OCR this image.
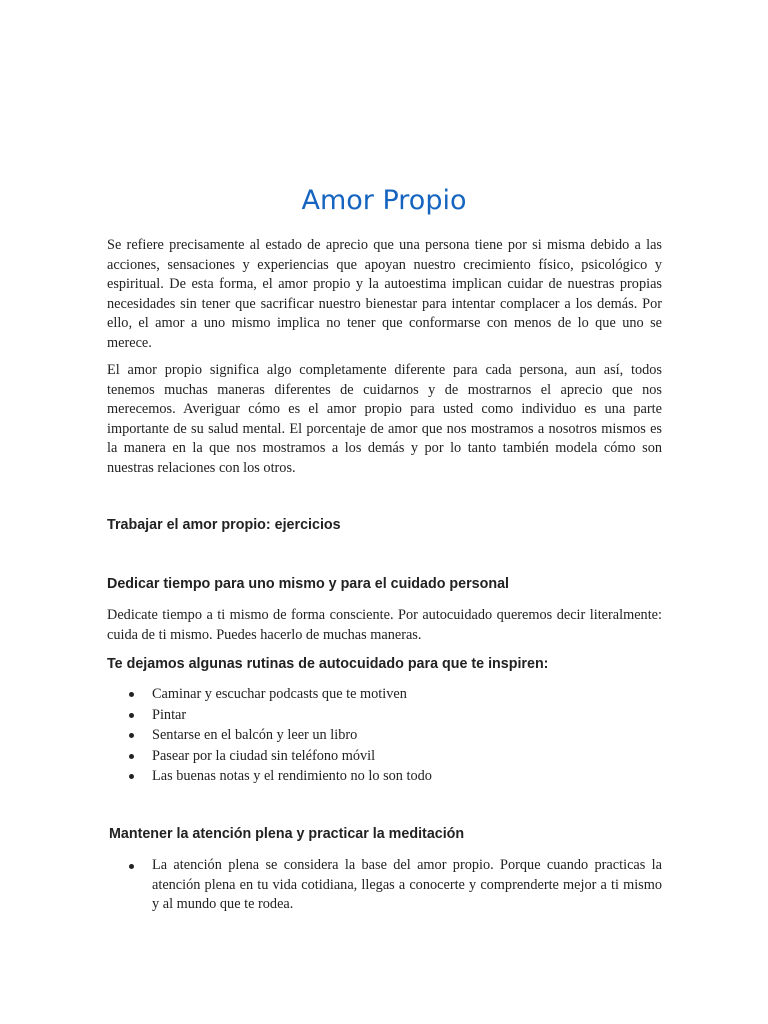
Amor Propio

Se refiere precisamente al estado de aprecio que una persona tiene por si misma debido a las acciones, sensaciones y experiencias que apoyan nuestro crecimiento físico, psicológico y espiritual. De esta forma, el amor propio y la autoestima implican cuidar de nuestras propias necesidades sin tener que sacrificar nuestro bienestar para intentar complacer a los demás. Por ello, el amor a uno mismo implica no tener que conformarse con menos de lo que uno se merece.

El amor propio significa algo completamente diferente para cada persona, aun así, todos tenemos muchas maneras diferentes de cuidarnos y de mostrarnos el aprecio que nos merecemos. Averiguar cómo es el amor propio para usted como individuo es una parte importante de su salud mental. El porcentaje de amor que nos mostramos a nosotros mismos es la manera en la que nos mostramos a los demás y por lo tanto también modela cómo son nuestras relaciones con los otros.

Trabajar el amor propio: ejercicios
Dedicar tiempo para uno mismo y para el cuidado personal

Dedicate tiempo a ti mismo de forma consciente. Por autocuidado queremos decir literalmente: cuida de ti mismo. Puedes hacerlo de muchas maneras.

Te dejamos algunas rutinas de autocuidado para que te inspiren:
Caminar y escuchar podcasts que te motiven
Pintar
Sentarse en el balcón y leer un libro
Pasear por la ciudad sin teléfono móvil
Las buenas notas y el rendimiento no lo son todo
Mantener la atención plena y practicar la meditación
La atención plena se considera la base del amor propio. Porque cuando practicas la atención plena en tu vida cotidiana, llegas a conocerte y comprenderte mejor a ti mismo y al mundo que te rodea.
